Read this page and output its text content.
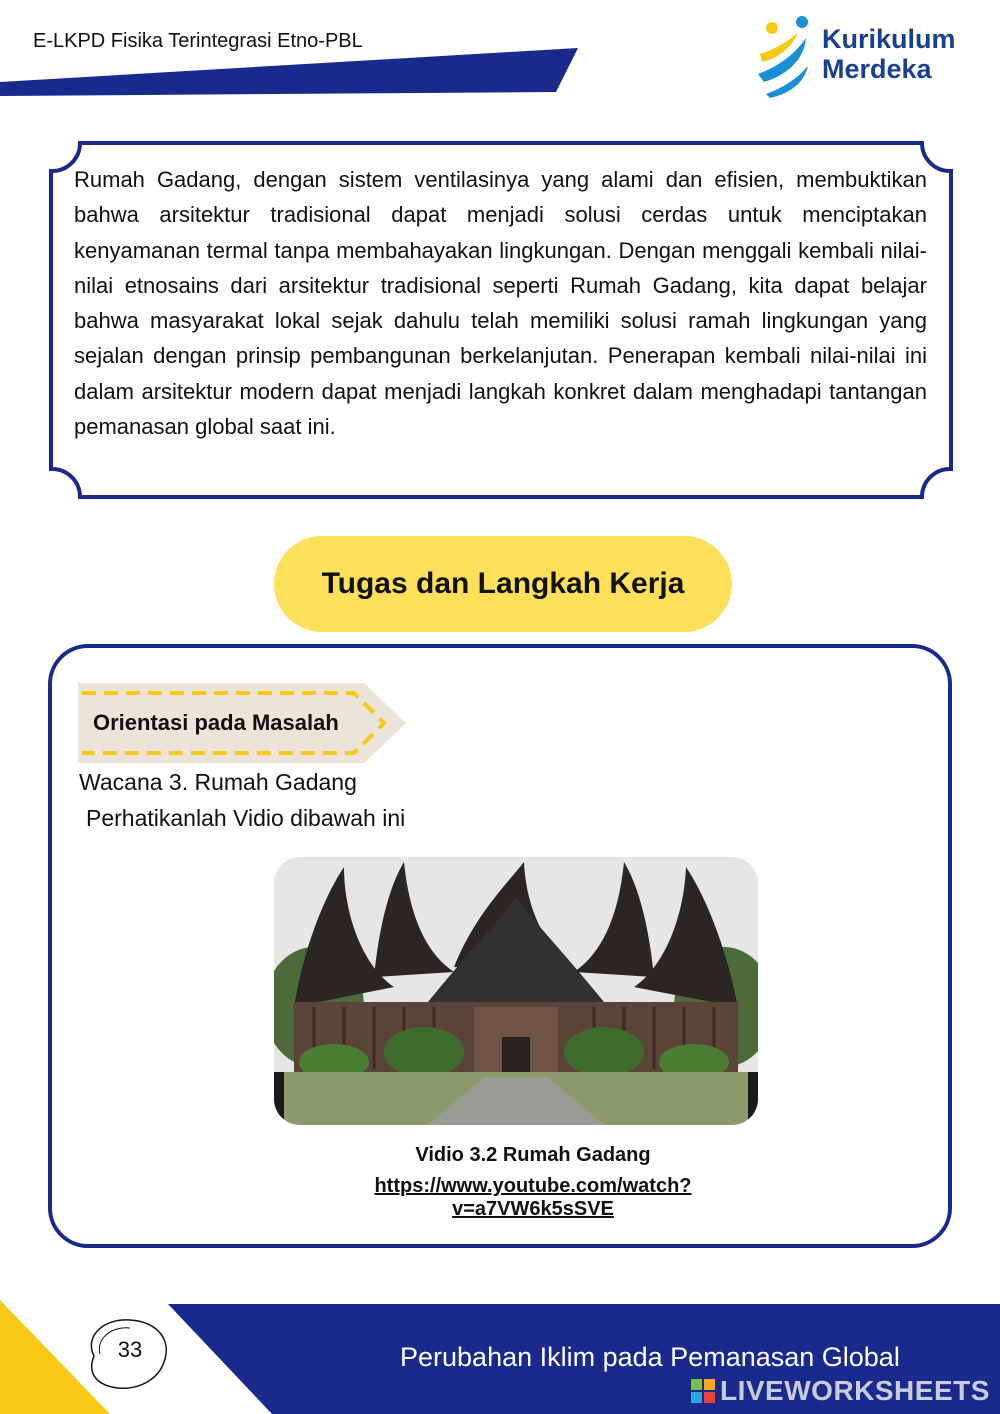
E-LKPD Fisika Terintegrasi Etno-PBL	Kurikulum
Merdeka
Rumah Gadang, dengan sistem ventilasinya yang alami dan efisien, membuktikan bahwa arsitektur tradisional dapat menjadi solusi cerdas untuk menciptakan kenyamanan termal tanpa membahayakan lingkungan. Dengan menggali kembali nilai-nilai etnosains dari arsitektur tradisional seperti Rumah Gadang, kita dapat belajar bahwa masyarakat lokal sejak dahulu telah memiliki solusi ramah lingkungan yang sejalan dengan prinsip pembangunan berkelanjutan. Penerapan kembali nilai-nilai ini dalam arsitektur modern dapat menjadi langkah konkret dalam menghadapi tantangan pemanasan global saat ini.
Tugas dan Langkah Kerja
Orientasi pada Masalah
Wacana 3. Rumah Gadang
Perhatikanlah Vidio dibawah ini
Vidio 3.2 Rumah Gadang
https://www.youtube.com/watch?v=a7VW6k5sSVE
33	Perubahan Iklim pada Pemanasan Global
LIVEWORKSHEETS
